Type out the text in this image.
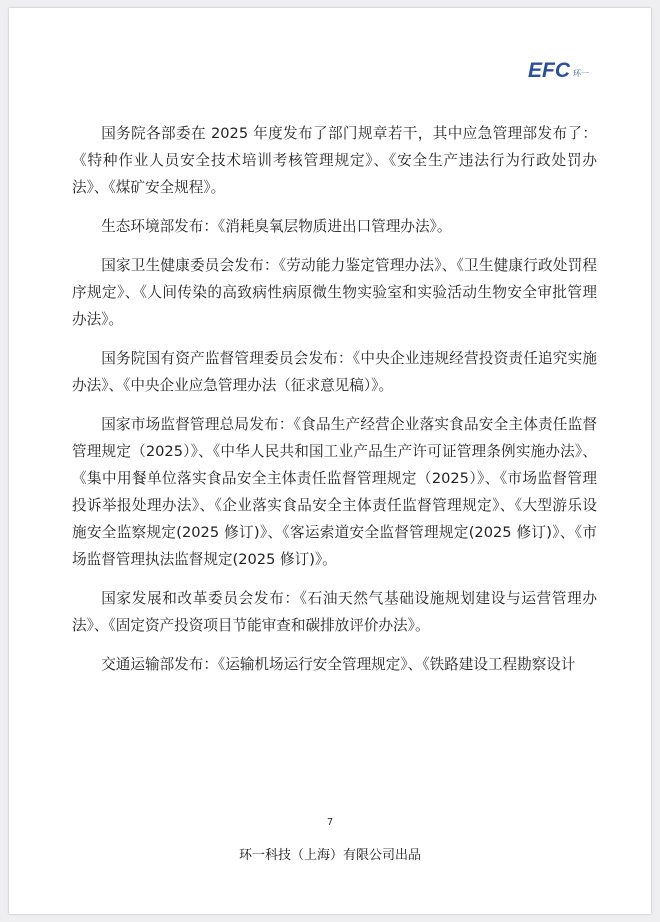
EFC 环一

国务院各部委在 2025 年度发布了部门规章若干，其中应急管理部发布了：《特种作业人员安全技术培训考核管理规定》、《安全生产违法行为行政处罚办法》、《煤矿安全规程》。

生态环境部发布：《消耗臭氧层物质进出口管理办法》。

国家卫生健康委员会发布：《劳动能力鉴定管理办法》、《卫生健康行政处罚程序规定》、《人间传染的高致病性病原微生物实验室和实验活动生物安全审批管理办法》。

国务院国有资产监督管理委员会发布：《中央企业违规经营投资责任追究实施办法》、《中央企业应急管理办法（征求意见稿）》。

国家市场监督管理总局发布：《食品生产经营企业落实食品安全主体责任监督管理规定（2025）》、《中华人民共和国工业产品生产许可证管理条例实施办法》、《集中用餐单位落实食品安全主体责任监督管理规定（2025）》、《市场监督管理投诉举报处理办法》、《企业落实食品安全主体责任监督管理规定》、《大型游乐设施安全监察规定(2025 修订)》、《客运索道安全监督管理规定(2025 修订)》、《市场监督管理执法监督规定(2025 修订)》。

国家发展和改革委员会发布：《石油天然气基础设施规划建设与运营管理办法》、《固定资产投资项目节能审查和碳排放评价办法》。

交通运输部发布：《运输机场运行安全管理规定》、《铁路建设工程勘察设计

7
环一科技（上海）有限公司出品
